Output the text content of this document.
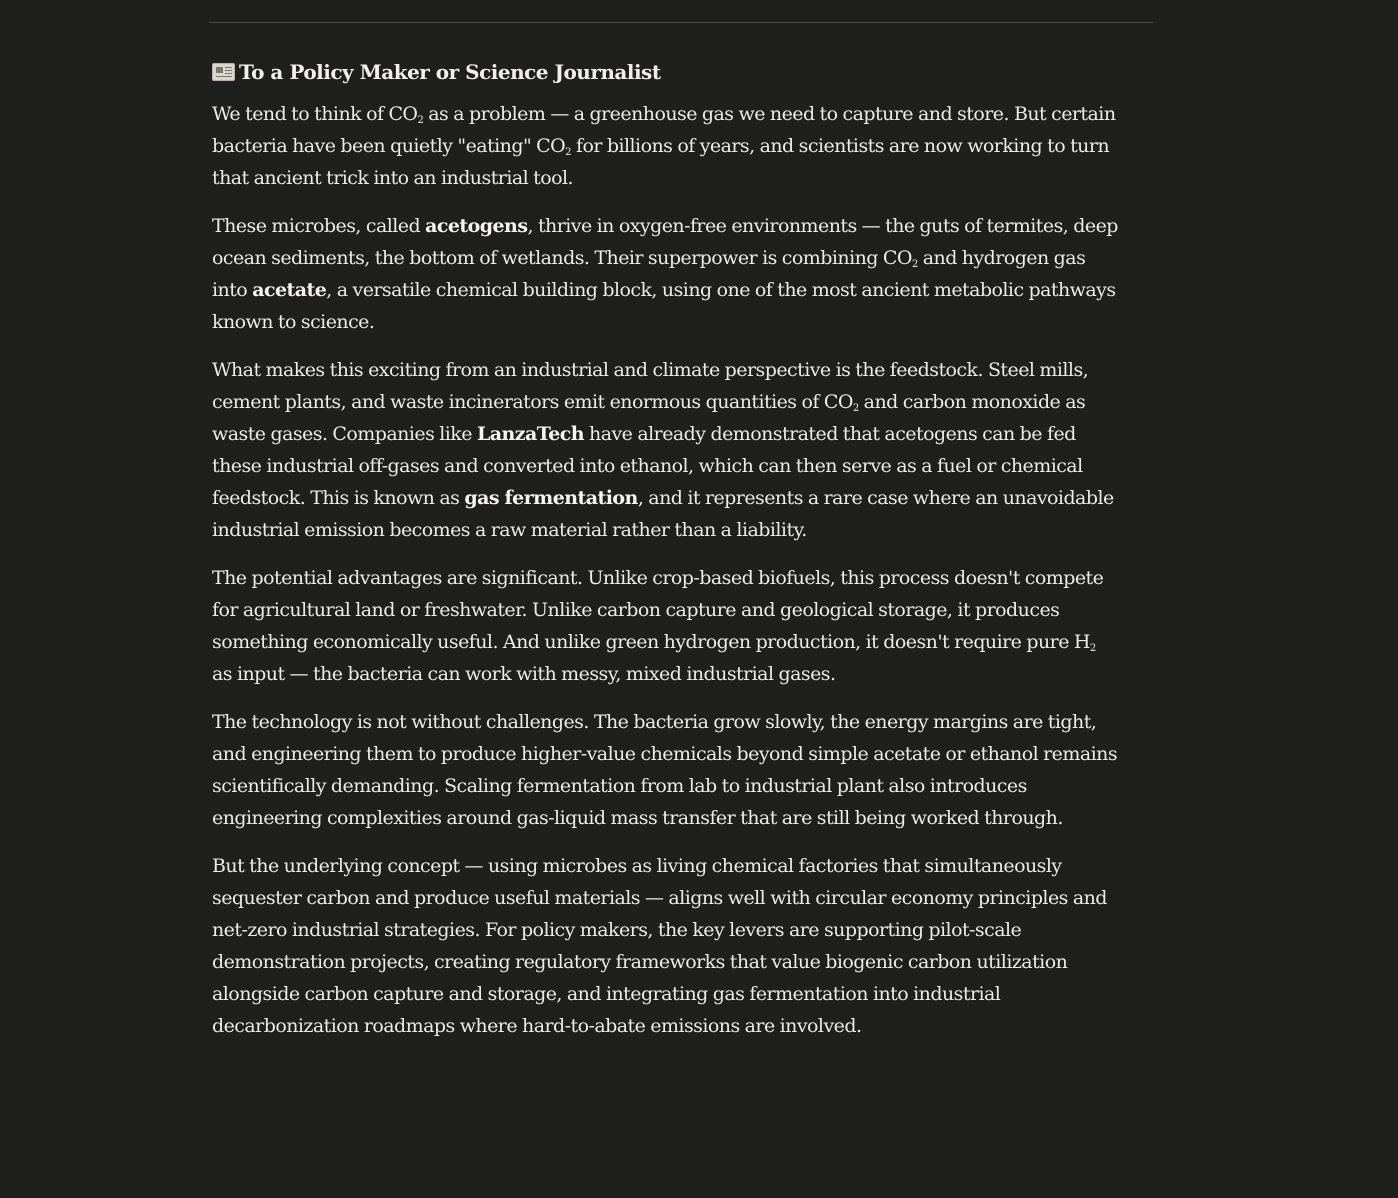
To a Policy Maker or Science Journalist

We tend to think of $CO_2$ as a problem — a greenhouse gas we need to capture and store. But certain bacteria have been quietly "eating" $CO_2$ for billions of years, and scientists are now working to turn that ancient trick into an industrial tool.

These microbes, called acetogens, thrive in oxygen-free environments — the guts of termites, deep ocean sediments, the bottom of wetlands. Their superpower is combining $CO_2$ and hydrogen gas into acetate, a versatile chemical building block, using one of the most ancient metabolic pathways known to science.

What makes this exciting from an industrial and climate perspective is the feedstock. Steel mills, cement plants, and waste incinerators emit enormous quantities of $CO_2$ and carbon monoxide as waste gases. Companies like LanzaTech have already demonstrated that acetogens can be fed these industrial off-gases and converted into ethanol, which can then serve as a fuel or chemical feedstock. This is known as gas fermentation, and it represents a rare case where an unavoidable industrial emission becomes a raw material rather than a liability.

The potential advantages are significant. Unlike crop-based biofuels, this process doesn't compete for agricultural land or freshwater. Unlike carbon capture and geological storage, it produces something economically useful. And unlike green hydrogen production, it doesn't require pure $H_2$ as input — the bacteria can work with messy, mixed industrial gases.

The technology is not without challenges. The bacteria grow slowly, the energy margins are tight, and engineering them to produce higher-value chemicals beyond simple acetate or ethanol remains scientifically demanding. Scaling fermentation from lab to industrial plant also introduces engineering complexities around gas-liquid mass transfer that are still being worked through.

But the underlying concept — using microbes as living chemical factories that simultaneously sequester carbon and produce useful materials — aligns well with circular economy principles and net-zero industrial strategies. For policy makers, the key levers are supporting pilot-scale demonstration projects, creating regulatory frameworks that value biogenic carbon utilization alongside carbon capture and storage, and integrating gas fermentation into industrial decarbonization roadmaps where hard-to-abate emissions are involved.
